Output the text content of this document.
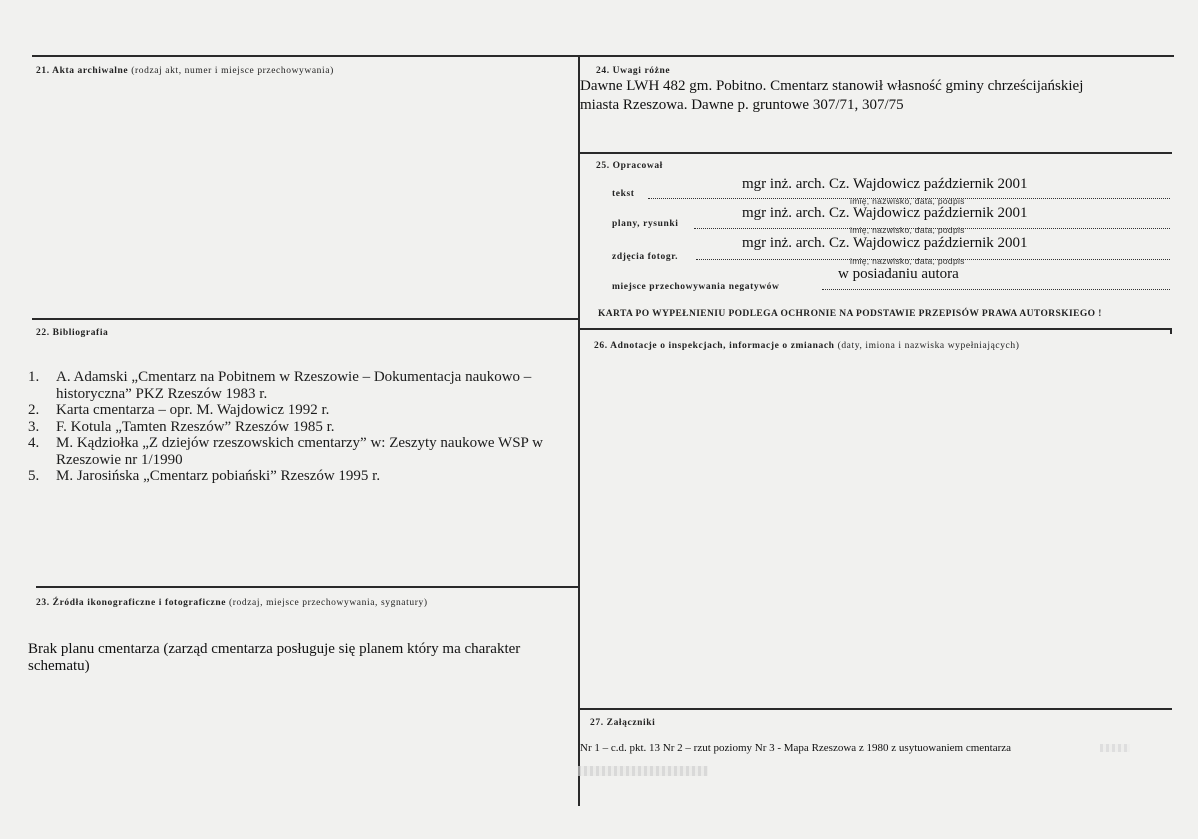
21. Akta archiwalne (rodzaj akt, numer i miejsce przechowywania)
22. Bibliografia
1. A. Adamski „Cmentarz na Pobitnem w Rzeszowie – Dokumentacja naukowo – historyczna” PKZ Rzeszów 1983 r.
2. Karta cmentarza – opr. M. Wajdowicz 1992 r.
3. F. Kotula „Tamten Rzeszów” Rzeszów 1985 r.
4. M. Kądziołka „Z dziejów rzeszowskich cmentarzy” w: Zeszyty naukowe WSP w Rzeszowie nr 1/1990
5. M. Jarosińska „Cmentarz pobiański” Rzeszów 1995 r.
23. Źródła ikonograficzne i fotograficzne (rodzaj, miejsce przechowywania, sygnatury)
Brak planu cmentarza (zarząd cmentarza posługuje się planem który ma charakter schematu)
24. Uwagi różne
Dawne LWH 482 gm. Pobitno. Cmentarz stanowił własność gminy chrześcijańskiej
miasta Rzeszowa. Dawne p. gruntowe 307/71, 307/75
25. Opracował
tekst
mgr inż. arch. Cz. Wajdowicz październik 2001
imię, nazwisko, data, podpis
plany, rysunki
mgr inż. arch. Cz. Wajdowicz październik 2001
imię, nazwisko, data, podpis
zdjęcia fotogr.
mgr inż. arch. Cz. Wajdowicz październik 2001
imię, nazwisko, data, podpis
miejsce przechowywania negatywów
w posiadaniu autora
KARTA PO WYPEŁNIENIU PODLEGA OCHRONIE NA PODSTAWIE PRZEPISÓW PRAWA AUTORSKIEGO !
26. Adnotacje o inspekcjach, informacje o zmianach (daty, imiona i nazwiska wypełniających)
27. Załączniki
Nr 1 – c.d. pkt. 13 Nr 2 – rzut poziomy Nr 3 - Mapa Rzeszowa z 1980 z usytuowaniem cmentarza
